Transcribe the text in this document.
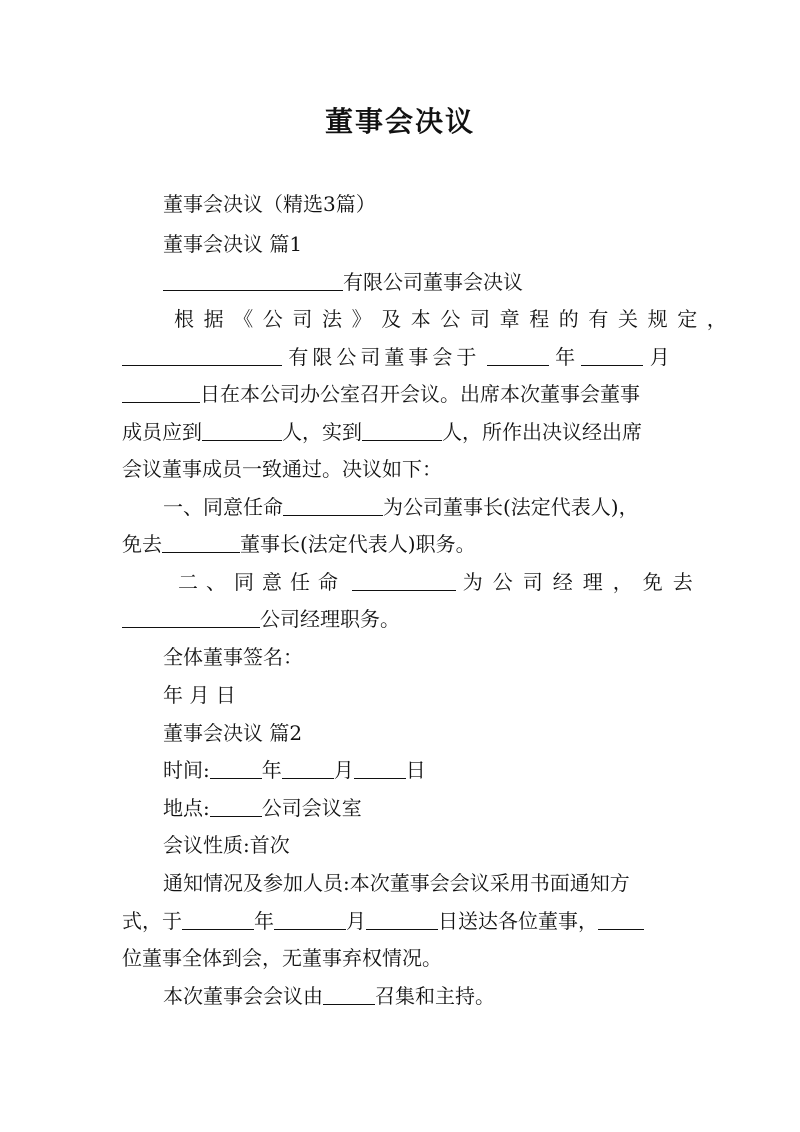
董事会决议
董事会决议（精选3篇）
董事会决议 篇1
有限公司董事会决议
根据《公司法》及本公司章程的有关规定，
有限公司董事会于	年	月
日在本公司办公室召开会议。出席本次董事会董事
成员应到	人，实到	人，所作出决议经出席
会议董事成员一致通过。决议如下：
一、同意任命	为公司董事长(法定代表人)，
免去	董事长(法定代表人)职务。
二、同意任命	为公司经理，免去
公司经理职务。
全体董事签名：
年 月 日
董事会决议 篇2
时间:	年	月	日
地点:	公司会议室
会议性质:首次
通知情况及参加人员:本次董事会会议采用书面通知方
式，于	年	月	日送达各位董事，
位董事全体到会，无董事弃权情况。
本次董事会会议由	召集和主持。
